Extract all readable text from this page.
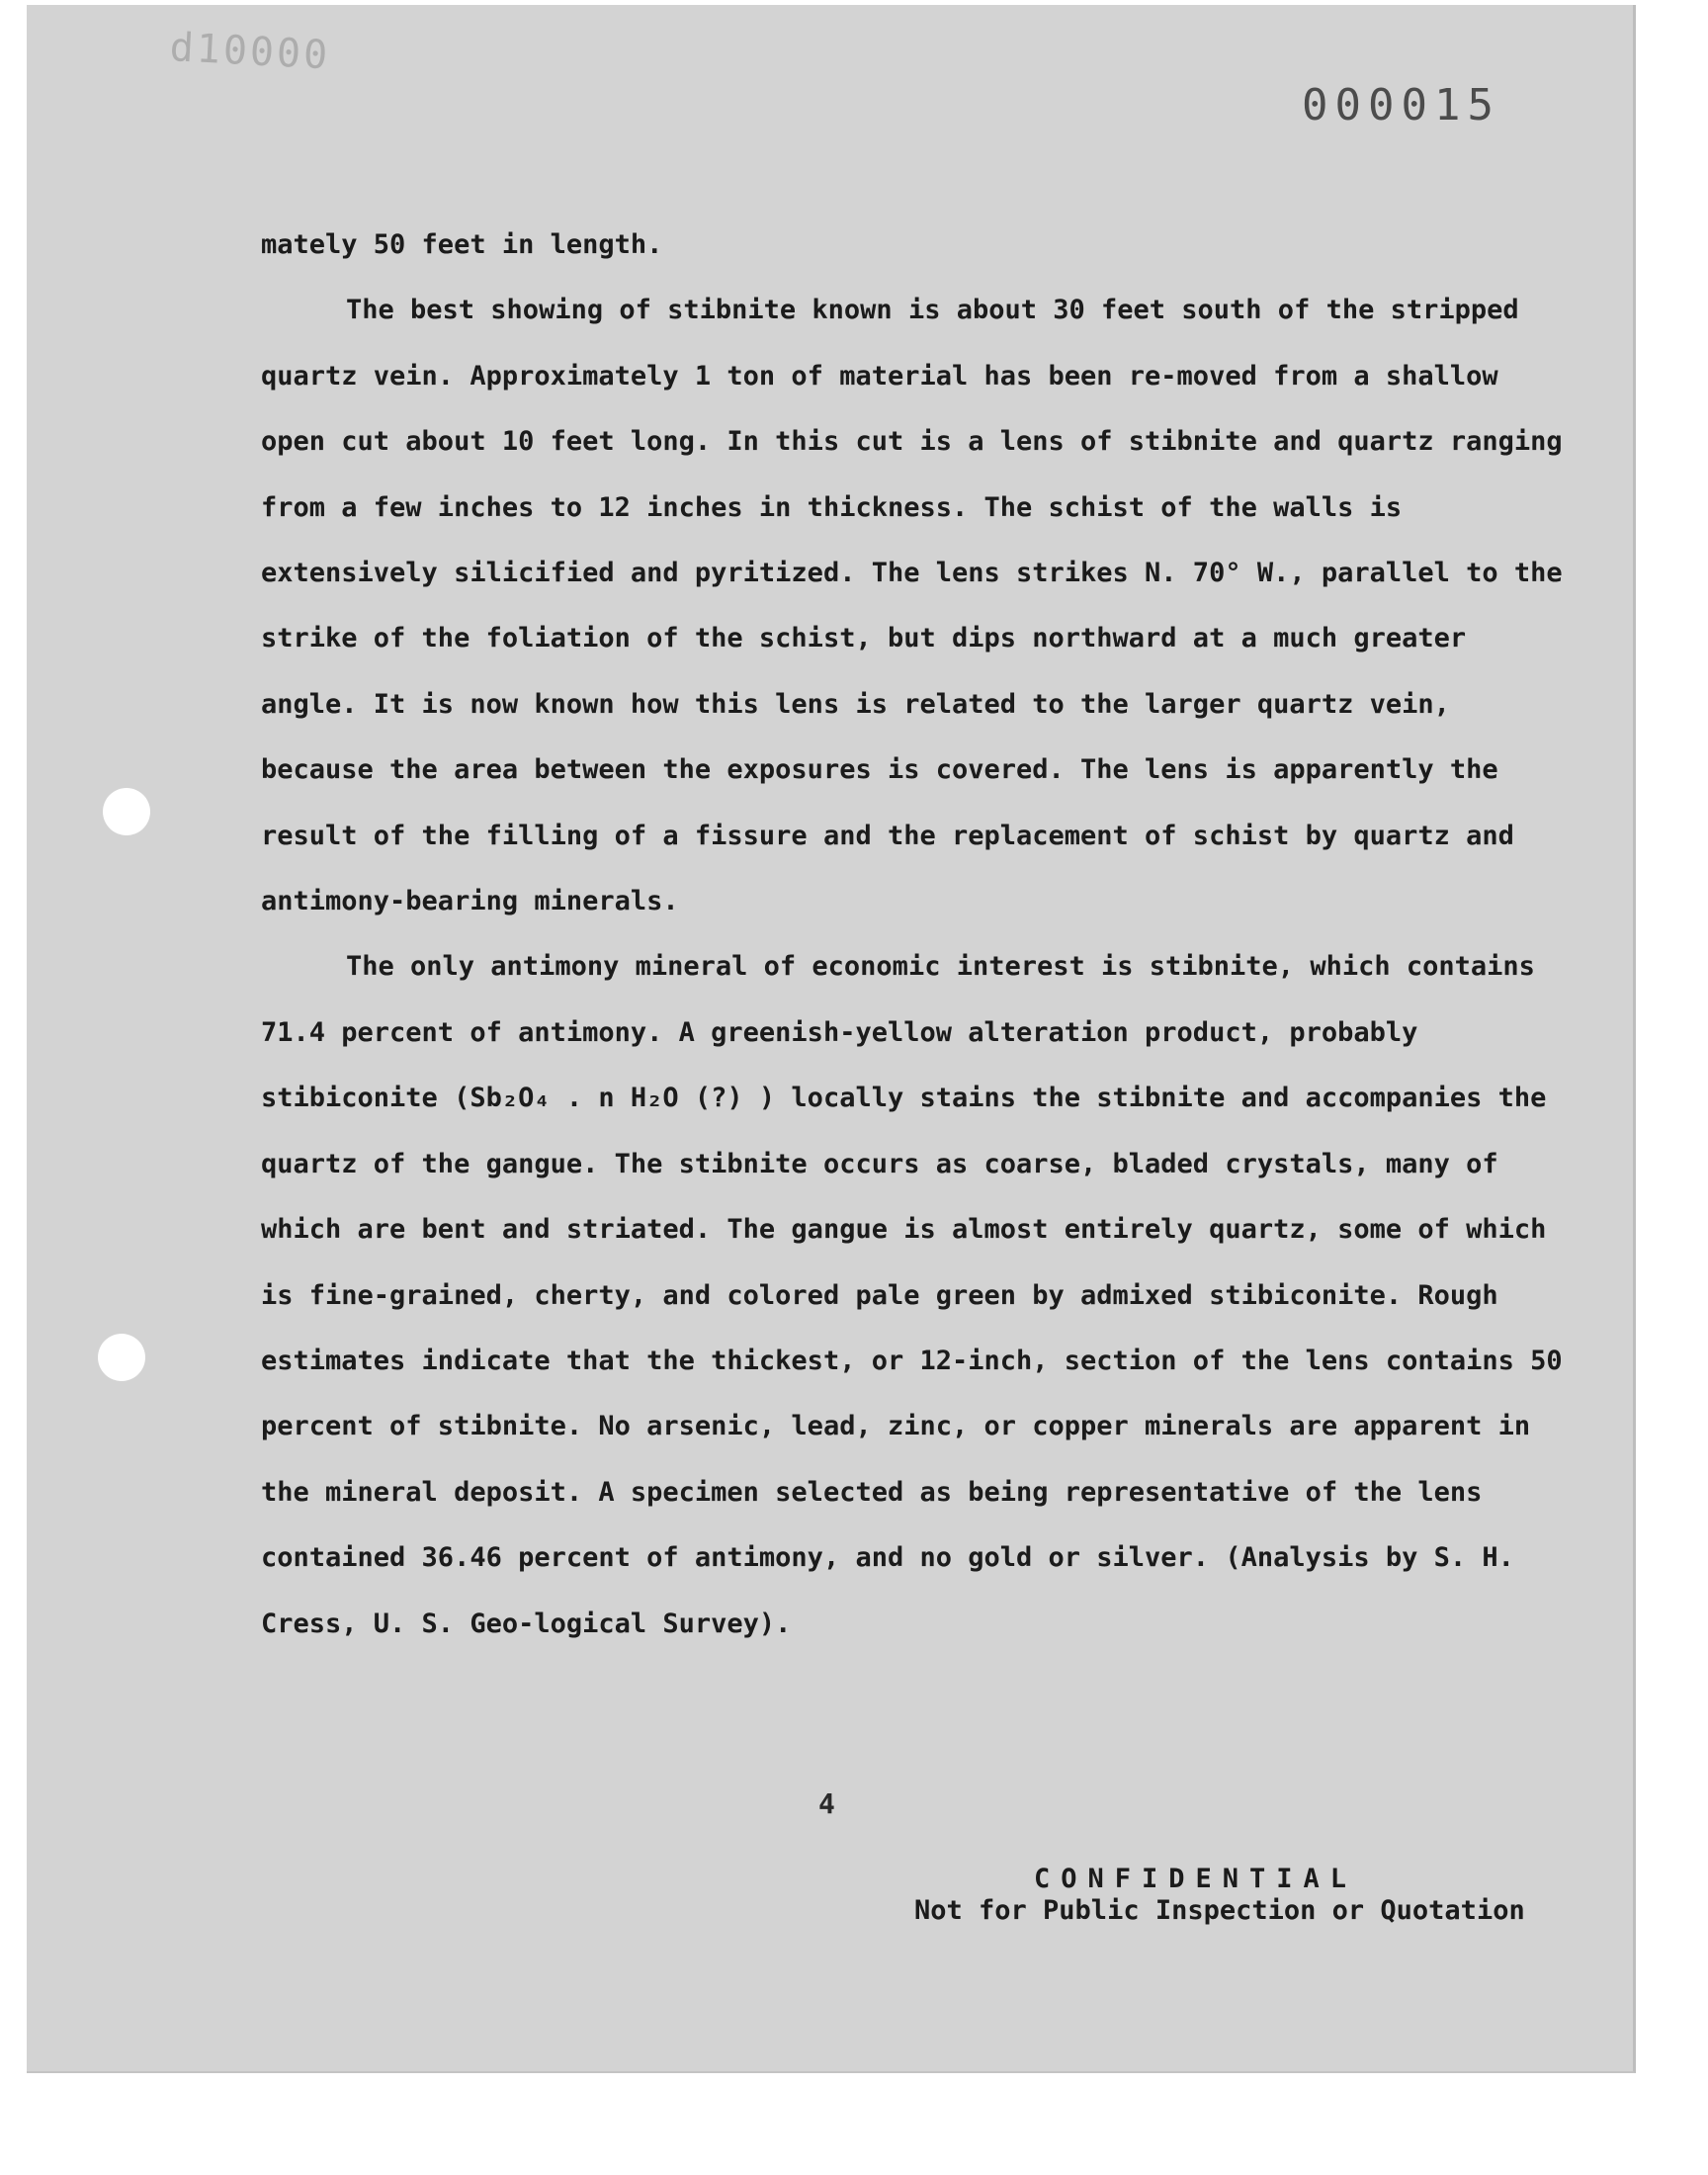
d10000
000015

mately 50 feet in length.

The best showing of stibnite known is about 30 feet south of the stripped quartz vein. Approximately 1 ton of material has been re‑moved from a shallow open cut about 10 feet long. In this cut is a lens of stibnite and quartz ranging from a few inches to 12 inches in thickness. The schist of the walls is extensively silicified and pyritized. The lens strikes N. 70° W., parallel to the strike of the foliation of the schist, but dips northward at a much greater angle. It is now known how this lens is related to the larger quartz vein, because the area between the exposures is covered. The lens is apparently the result of the filling of a fissure and the replacement of schist by quartz and antimony‑bearing minerals.

The only antimony mineral of economic interest is stibnite, which contains 71.4 percent of antimony. A greenish-yellow alteration product, probably stibiconite (Sb₂O₄ . n H₂O (?) ) locally stains the stibnite and accompanies the quartz of the gangue. The stibnite occurs as coarse, bladed crystals, many of which are bent and striated. The gangue is almost entirely quartz, some of which is fine-grained, cherty, and colored pale green by admixed stibiconite. Rough estimates indicate that the thickest, or 12-inch, section of the lens contains 50 percent of stibnite. No arsenic, lead, zinc, or copper minerals are apparent in the mineral deposit. A specimen selected as being representative of the lens contained 36.46 percent of antimony, and no gold or silver. (Analysis by S. H. Cress, U. S. Geo‑logical Survey).

4
CONFIDENTIAL
Not for Public Inspection or Quotation
